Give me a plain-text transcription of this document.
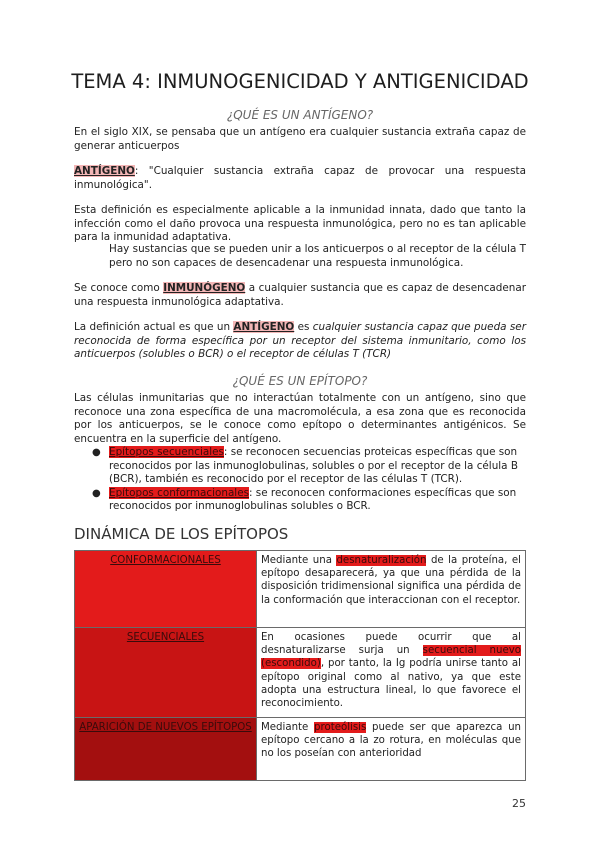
TEMA 4: INMUNOGENICIDAD Y ANTIGENICIDAD
¿QUÉ ES UN ANTÍGENO?
En el siglo XIX, se pensaba que un antígeno era cualquier sustancia extraña capaz de generar anticuerpos
ANTÍGENO: "Cualquier sustancia extraña capaz de provocar una respuesta inmunológica".
Esta definición es especialmente aplicable a la inmunidad innata, dado que tanto la infección como el daño provoca una respuesta inmunológica, pero no es tan aplicable para la inmunidad adaptativa.
Hay sustancias que se pueden unir a los anticuerpos o al receptor de la célula T pero no son capaces de desencadenar una respuesta inmunológica.
Se conoce como INMUNÓGENO a cualquier sustancia que es capaz de desencadenar una respuesta inmunológica adaptativa.
La definición actual es que un ANTÍGENO es cualquier sustancia capaz que pueda ser reconocida de forma específica por un receptor del sistema inmunitario, como los anticuerpos (solubles o BCR) o el receptor de células T (TCR)
¿QUÉ ES UN EPÍTOPO?
Las células inmunitarias que no interactúan totalmente con un antígeno, sino que reconoce una zona específica de una macromolécula, a esa zona que es reconocida por los anticuerpos, se le conoce como epítopo o determinantes antigénicos. Se encuentra en la superficie del antígeno.
● Epítopos secuenciales: se reconocen secuencias proteicas específicas que son reconocidos por las inmunoglobulinas, solubles o por el receptor de la célula B (BCR), también es reconocido por el receptor de las células T (TCR).
● Epítopos conformacionales: se reconocen conformaciones específicas que son reconocidos por inmunoglobulinas solubles o BCR.
DINÁMICA DE LOS EPÍTOPOS
CONFORMACIONALES	Mediante una desnaturalización de la proteína, el epítopo desaparecerá, ya que una pérdida de la disposición tridimensional significa una pérdida de la conformación que interaccionan con el receptor.
SECUENCIALES	En ocasiones puede ocurrir que al desnaturalizarse surja un secuencial nuevo (escondido), por tanto, la Ig podría unirse tanto al epítopo original como al nativo, ya que este adopta una estructura lineal, lo que favorece el reconocimiento.
APARICIÓN DE NUEVOS EPÍTOPOS	Mediante proteólisis puede ser que aparezca un epítopo cercano a la zo rotura, en moléculas que no los poseían con anterioridad
25
